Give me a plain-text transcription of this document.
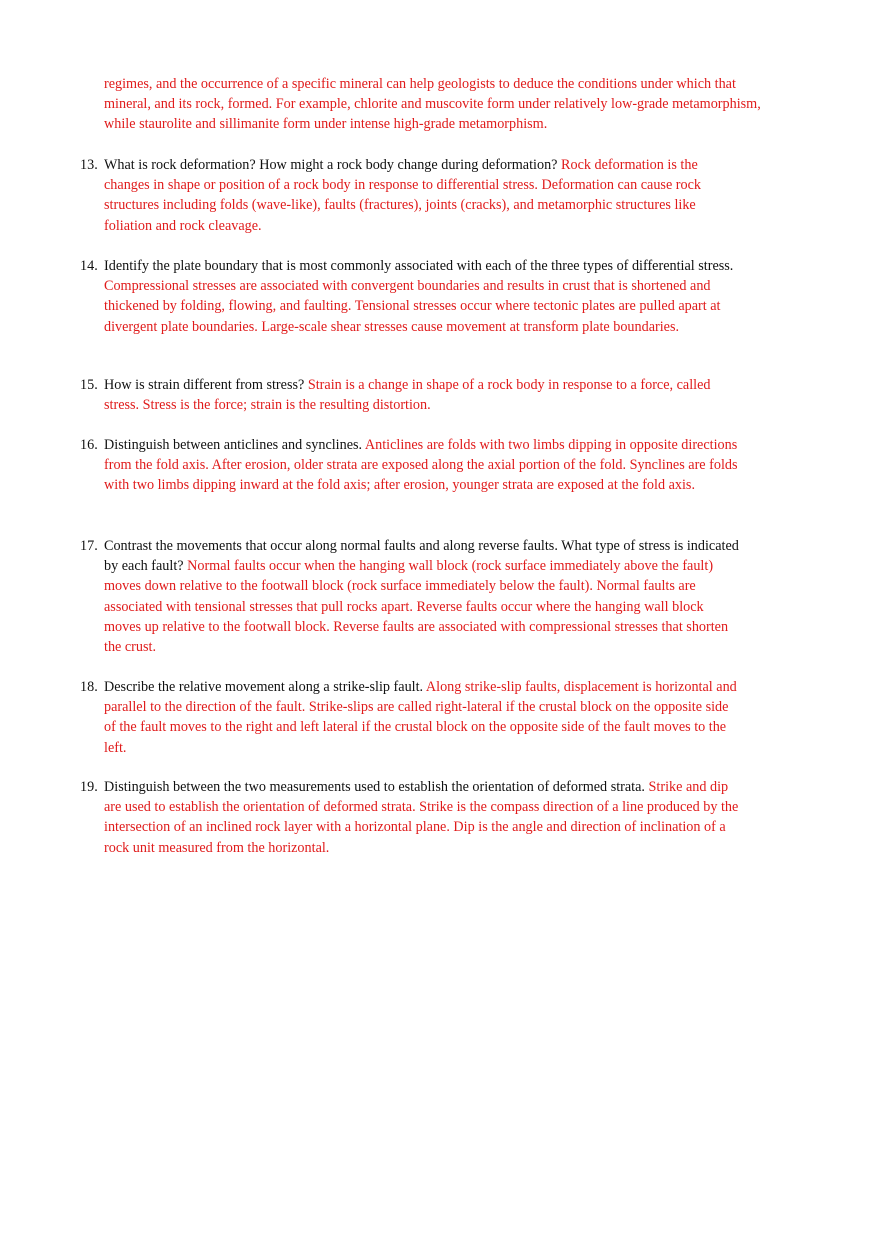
regimes, and the occurrence of a specific mineral can help geologists to deduce the conditions under which that mineral, and its rock, formed. For example, chlorite and muscovite form under relatively low-grade metamorphism, while staurolite and sillimanite form under intense high-grade metamorphism.
13. What is rock deformation? How might a rock body change during deformation? Rock deformation is the changes in shape or position of a rock body in response to differential stress. Deformation can cause rock structures including folds (wave-like), faults (fractures), joints (cracks), and metamorphic structures like foliation and rock cleavage.
14. Identify the plate boundary that is most commonly associated with each of the three types of differential stress. Compressional stresses are associated with convergent boundaries and results in crust that is shortened and thickened by folding, flowing, and faulting. Tensional stresses occur where tectonic plates are pulled apart at divergent plate boundaries. Large-scale shear stresses cause movement at transform plate boundaries.
15. How is strain different from stress? Strain is a change in shape of a rock body in response to a force, called stress. Stress is the force; strain is the resulting distortion.
16. Distinguish between anticlines and synclines. Anticlines are folds with two limbs dipping in opposite directions from the fold axis. After erosion, older strata are exposed along the axial portion of the fold. Synclines are folds with two limbs dipping inward at the fold axis; after erosion, younger strata are exposed at the fold axis.
17. Contrast the movements that occur along normal faults and along reverse faults. What type of stress is indicated by each fault? Normal faults occur when the hanging wall block (rock surface immediately above the fault) moves down relative to the footwall block (rock surface immediately below the fault). Normal faults are associated with tensional stresses that pull rocks apart. Reverse faults occur where the hanging wall block moves up relative to the footwall block. Reverse faults are associated with compressional stresses that shorten the crust.
18. Describe the relative movement along a strike-slip fault. Along strike-slip faults, displacement is horizontal and parallel to the direction of the fault. Strike-slips are called right-lateral if the crustal block on the opposite side of the fault moves to the right and left lateral if the crustal block on the opposite side of the fault moves to the left.
19. Distinguish between the two measurements used to establish the orientation of deformed strata. Strike and dip are used to establish the orientation of deformed strata. Strike is the compass direction of a line produced by the intersection of an inclined rock layer with a horizontal plane. Dip is the angle and direction of inclination of a rock unit measured from the horizontal.
